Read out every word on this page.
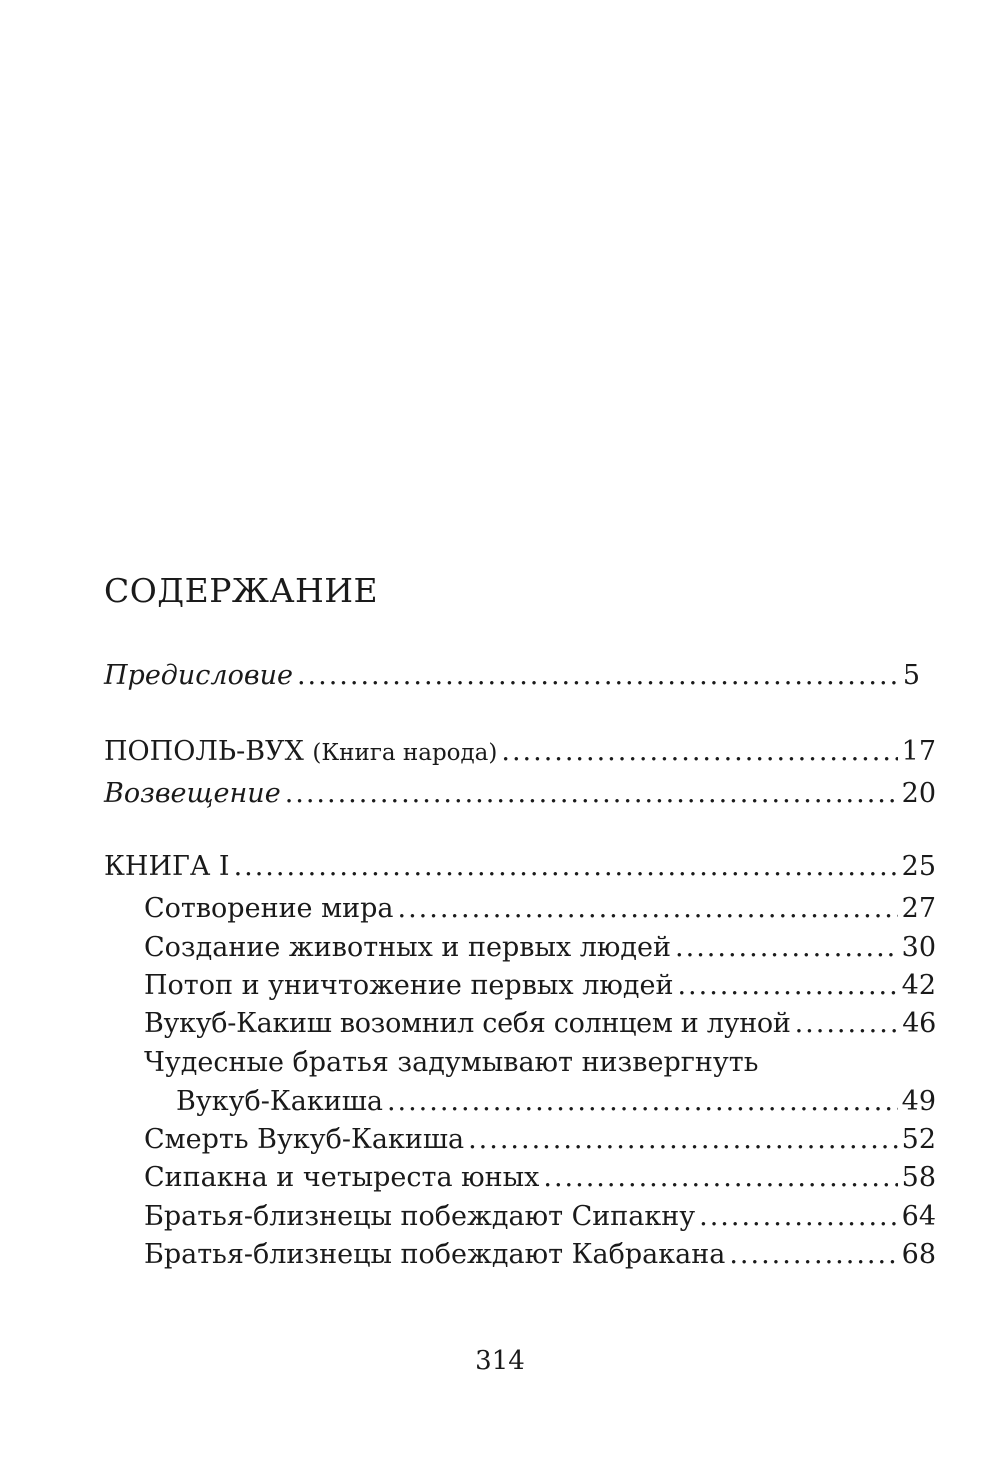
СОДЕРЖАНИЕ
Предисловие .....	5
ПОПОЛЬ-ВУХ (Книга народа) .....	17
Возвещение .....	20
КНИГА I .....	25
Сотворение мира .....	27
Создание животных и первых людей .....	30
Потоп и уничтожение первых людей .....	42
Вукуб-Какиш возомнил себя солнцем и луной .....	46
Чудесные братья задумывают низвергнуть
Вукуб-Какиша .....	49
Смерть Вукуб-Какиша .....	52
Сипакна и четыреста юных .....	58
Братья-близнецы побеждают Сипакну .....	64
Братья-близнецы побеждают Кабракана .....	68
314
